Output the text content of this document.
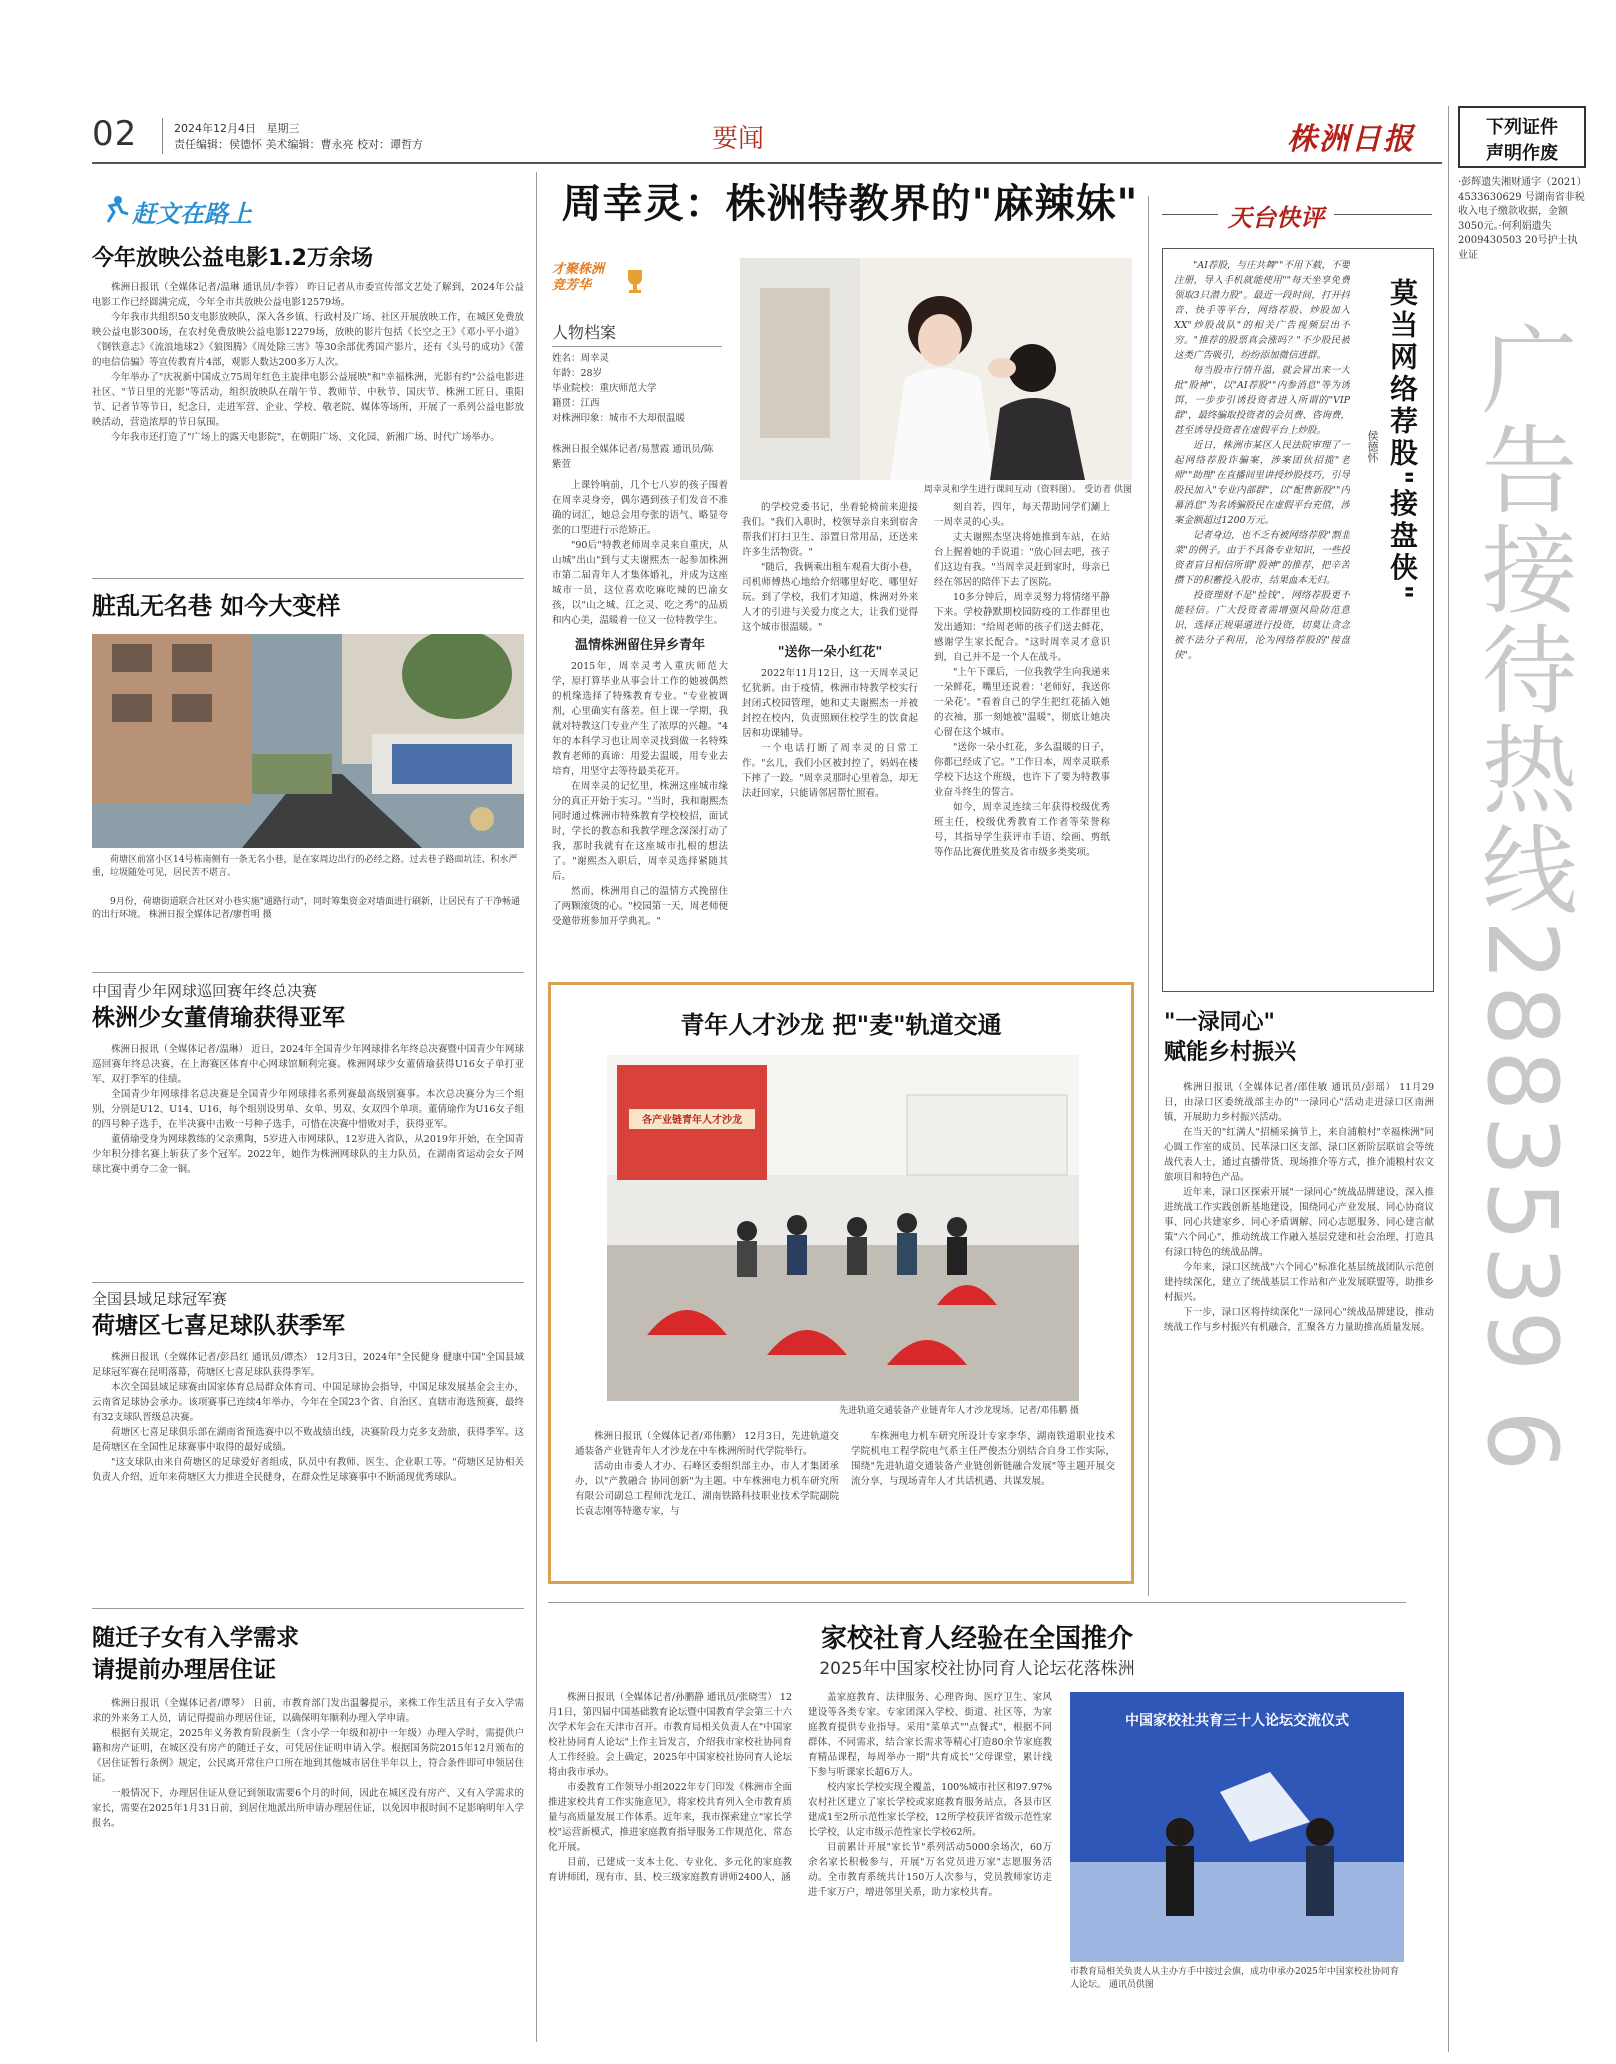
02	2024年12月4日 星期三
责任编辑：侯德怀 美术编辑：曹永亮 校对：谭哲方	要闻	株洲日报	下列证件
声明作废
·彭辉遗失湘财通字（2021）4533630629 号湖南省非税收入电子缴款收据，金额3050元。·何利娟遗失2009430503 20号护士执业证
广告接待热线2883539 6
赶文在路上
今年放映公益电影1.2万余场

株洲日报讯（全媒体记者/温琳 通讯员/李蓉） 昨日记者从市委宣传部文艺处了解到，2024年公益电影工作已经圆满完成，今年全市共放映公益电影12579场。

今年我市共组织50支电影放映队，深入各乡镇、行政村及广场、社区开展放映工作，在城区免费放映公益电影300场，在农村免费放映公益电影12279场，放映的影片包括《长空之王》《邓小平小道》《钢铁意志》《流浪地球2》《狼图腾》《周处除三害》等30余部优秀国产影片，还有《头号的成功》《蕾的电信信骗》等宣传教育片4部，观影人数达200多万人次。

今年举办了"庆祝新中国成立75周年红色主旋律电影公益展映"和"幸福株洲，光影有约"公益电影进社区、"节日里的光影"等活动，组织放映队在端午节、教师节、中秋节、国庆节、株洲工匠日、重阳节、记者节等节日，纪念日，走进军营、企业、学校、敬老院、媒体等场所，开展了一系列公益电影放映活动，营造浓厚的节日氛围。

今年我市还打造了"广场上的露天电影院"，在朝阳广场、文化园、新湘广场、时代广场举办。

脏乱无名巷 如今大变样

荷塘区前富小区14号栋南侧有一条无名小巷，是在家周边出行的必经之路。过去巷子路面坑洼、积水严重，垃圾随处可见，居民苦不堪言。

9月份，荷塘街道联合社区对小巷实施"通路行动"，同时筹集资金对墙面进行刷新，让居民有了干净畅通的出行环境。 株洲日报全媒体记者/廖哲明 摄

中国青少年网球巡回赛年终总决赛
株洲少女董倩瑜获得亚军

株洲日报讯（全媒体记者/温琳） 近日，2024年全国青少年网球排名年终总决赛暨中国青少年网球巡回赛年终总决赛，在上海赛区体育中心网球馆顺利完赛。株洲网球少女董倩瑜获得U16女子单打亚军、双打季军的佳绩。

全国青少年网球排名总决赛是全国青少年网球排名系列赛最高级别赛事。本次总决赛分为三个组别，分别是U12、U14、U16，每个组别设男单、女单、男双、女双四个单项。董倩瑜作为U16女子组的四号种子选手，在半决赛中击败一号种子选手，可惜在决赛中惜败对手，获得亚军。

董倩瑜受身为网球教练的父亲熏陶，5岁进入市网球队，12岁进入省队，从2019年开始，在全国青少年积分排名赛上斩获了多个冠军。2022年，她作为株洲网球队的主力队员，在湖南省运动会女子网球比赛中勇夺二金一铜。

全国县域足球冠军赛
荷塘区七喜足球队获季军

株洲日报讯（全媒体记者/彭昌红 通讯员/谭杰） 12月3日，2024年"全民健身 健康中国"全国县域足球冠军赛在昆明落幕，荷塘区七喜足球队获得季军。

本次全国县域足球赛由国家体育总局群众体育司、中国足球协会指导，中国足球发展基金会主办，云南省足球协会承办。该项赛事已连续4年举办，今年在全国23个省、自治区、直辖市海选预赛，最终有32支球队晋级总决赛。

荷塘区七喜足球俱乐部在湖南省预选赛中以不败战绩出线，决赛阶段力克多支劲旅，获得季军。这是荷塘区在全国性足球赛事中取得的最好成绩。

"这支球队由来自荷塘区的足球爱好者组成，队员中有教师、医生、企业职工等。"荷塘区足协相关负责人介绍，近年来荷塘区大力推进全民健身，在群众性足球赛事中不断涌现优秀球队。

随迁子女有入学需求
请提前办理居住证

株洲日报讯（全媒体记者/谭琴） 日前，市教育部门发出温馨提示，来株工作生活且有子女入学需求的外来务工人员，请记得提前办理居住证，以确保明年顺利办理入学申请。

根据有关规定，2025年义务教育阶段新生（含小学一年级和初中一年级）办理入学时，需提供户籍和房产证明，在城区没有房产的随迁子女，可凭居住证明申请入学。根据国务院2015年12月颁布的《居住证暂行条例》规定，公民离开常住户口所在地到其他城市居住半年以上，符合条件即可申领居住证。

一般情况下，办理居住证从登记到领取需要6个月的时间，因此在城区没有房产、又有入学需求的家长，需要在2025年1月31日前，到居住地派出所申请办理居住证，以免因申报时间不足影响明年入学报名。

周幸灵：株洲特教界的"麻辣妹"
才聚株洲
竞芳华
人物档案
姓名：周幸灵
年龄：28岁
毕业院校：重庆师范大学
籍贯：江西
对株洲印象：城市不大却很温暖
周幸灵和学生进行课间互动（资料图）。 受访者 供图
株洲日报全媒体记者/易慧霞 通讯员/陈紫萱

上课铃响前，几个七八岁的孩子围着在周幸灵身旁，偶尔遇到孩子们发音不准确的词汇，她总会用夸张的语气、略显夸张的口型进行示范矫正。

"90后"特教老师周幸灵来自重庆，从山城"出山"到与丈夫谢熙杰一起参加株洲市第二届青年人才集体婚礼，并成为这座城市一员，这位喜欢吃麻吃辣的巴渝女孩，以"山之城、江之灵、吃之秀"的品质和内心美，温暖着一位又一位特教学生。

温情株洲留住异乡青年

2015年，周幸灵考入重庆师范大学，原打算毕业从事会计工作的她被偶然的机缘选择了特殊教育专业。"专业被调剂，心里确实有落差。但上课一学期，我就对特教这门专业产生了浓厚的兴趣。"4年的本科学习也让周幸灵找到做一名特殊教育老师的真谛：用爱去温暖，用专业去培育，用坚守去等待最美花开。

在周幸灵的记忆里，株洲这座城市缘分的真正开始于实习。"当时，我和谢熙杰同时通过株洲市特殊教育学校校招，面试时，学长的教态和我教学理念深深打动了我，那时我就有在这座城市扎根的想法了。"谢熙杰入职后，周幸灵选择紧随其后。

然而，株洲用自己的温情方式挽留住了两颗滚烫的心。"校园第一天，周老师便受邀带班参加开学典礼。"

的学校党委书记，坐着轮椅前来迎接我们。"我们入职时，校领导亲自来到宿舍帮我们打扫卫生、添置日常用品，还送来许多生活物资。"

"随后，我俩乘出租车观看大街小巷，司机师傅热心地给介绍哪里好吃、哪里好玩。到了学校，我们才知道，株洲对外来人才的引进与关爱力度之大，让我们觉得这个城市很温暖。"

"送你一朵小红花"

2022年11月12日，这一天周幸灵记忆犹新。由于疫情，株洲市特教学校实行封闭式校园管理，她和丈夫谢熙杰一并被封控在校内，负责照顾住校学生的饮食起居和功课辅导。

一个电话打断了周幸灵的日常工作。"幺儿，我们小区被封控了，妈妈在楼下摔了一跤。"周幸灵那时心里着急，却无法赶回家，只能请邻居帮忙照看。

刻自若，四年，每天帮助同学们涮上一周幸灵的心头。

丈夫谢熙杰坚决将她推到车站，在站台上握着她的手说道："放心回去吧，孩子们这边有我。"当周幸灵赶到家时，母亲已经在邻居的陪伴下去了医院。

10多分钟后，周幸灵努力将情绪平静下来。学校静默期校园防疫的工作群里也发出通知："给周老师的孩子们送去鲜花，感谢学生家长配合。"这时周幸灵才意识到，自己并不是一个人在战斗。

"上午下课后，一位我教学生向我递来一朵鲜花，嘴里还说着：'老师好，我送你一朵花'。"看着自己的学生把红花插入她的衣袖，那一刻她被"温暖"，彻底让她决心留在这个城市。

"送你一朵小红花，多么温暖的日子，你都已经成了它。"工作日本，周幸灵联系学校下达这个班级，也许下了要为特教事业奋斗终生的誓言。

如今，周幸灵连续三年获得校级优秀班主任，校级优秀教育工作者等荣誉称号，其指导学生获评市手语、绘画、剪纸等作品比赛优胜奖及省市级多类奖项。

青年人才沙龙 把"麦"轨道交通
各产业链青年人才沙龙
先进轨道交通装备产业链青年人才沙龙现场。记者/邓伟鹏 摄

株洲日报讯（全媒体记者/邓伟鹏） 12月3日，先进轨道交通装备产业链青年人才沙龙在中车株洲所时代学院举行。

活动由市委人才办、石峰区委组织部主办，市人才集团承办，以"产教融合 协同创新"为主题。中车株洲电力机车研究所有限公司副总工程师沈龙江、湖南铁路科技职业技术学院副院长袁志刚等特邀专家，与

车株洲电力机车研究所设计专家李华、湖南铁道职业技术学院机电工程学院电气系主任严俊杰分别结合自身工作实际，围绕"先进轨道交通装备产业链创新链融合发展"等主题开展交流分享，与现场青年人才共话机遇、共谋发展。

家校社育人经验在全国推介
2025年中国家校社协同育人论坛花落株洲

株洲日报讯（全媒体记者/孙鹏静 通讯员/张晓雪） 12月1日，第四届中国基础教育论坛暨中国教育学会第三十六次学术年会在天津市召开。市教育局相关负责人在"中国家校社协同育人论坛"上作主旨发言，介绍我市家校社协同育人工作经验。会上确定，2025年中国家校社协同育人论坛将由我市承办。

市委教育工作领导小组2022年专门印发《株洲市全面推进家校共育工作实施意见》，将家校共育列入全市教育质量与高质量发展工作体系。近年来，我市探索建立"家长学校"运营新模式，推进家庭教育指导服务工作规范化、常态化开展。

目前，已建成一支本土化、专业化、多元化的家庭教育讲师团，现有市、县、校三级家庭教育讲师2400人，涵

盖家庭教育、法律服务、心理咨询、医疗卫生、家风建设等各类专家。专家团深入学校、街道、社区等，为家庭教育提供专业指导。采用"菜单式""点餐式"，根据不同群体、不同需求，结合家长需求等精心打造80余节家庭教育精品课程，每周举办一期"共育成长"父母课堂，累计线下参与听课家长超6万人。

校内家长学校实现全覆盖，100%城市社区和97.97%农村社区建立了家长学校或家庭教育服务站点，各县市区建成1至2所示范性家长学校，12所学校获评省级示范性家长学校，认定市级示范性家长学校62所。

目前累计开展"家长节"系列活动5000余场次，60万余名家长积极参与，开展"万名党员进万家"志愿服务活动。全市教育系统共计150万人次参与，党员教师家访走进千家万户，增进邻里关系，助力家校共育。

中国家校社共育三十人论坛交流仪式
市教育局相关负责人从主办方手中接过会旗，成功申承办2025年中国家校社协同育人论坛。 通讯员供图
天台快评
莫当网络荐股"接盘侠"
侯德怀

"AI荐股，与庄共舞""不用下载，不要注册，导入手机就能使用""每天坐享免费领取3只潜力股"。最近一段时间，打开抖音、快手等平台，网络荐股、炒股加入XX"炒股战队"的相关广告视频层出不穷。"推荐的股票真会涨吗？"不少股民被这类广告吸引，纷纷添加微信进群。

每当股市行情升温，就会冒出来一大批"股神"，以"AI荐股""内参消息"等为诱饵，一步步引诱投资者进入所谓的"VIP群"，最终骗取投资者的会员费、咨询费，甚至诱导投资者在虚假平台上炒股。

近日，株洲市某区人民法院审理了一起网络荐股诈骗案，涉案团伙招揽"老师""助理"在直播间里讲授炒股技巧，引导股民加入"专业内部群"，以"配售新股""内幕消息"为名诱骗股民在虚假平台充值，涉案金额超过1200万元。

记者身边，也不乏有被网络荐股"割韭菜"的例子。由于不具备专业知识，一些投资者盲目相信所谓"股神"的推荐，把辛苦攒下的积蓄投入股市，结果血本无归。

投资理财不是"捡钱"，网络荐股更不能轻信。广大投资者需增强风险防范意识，选择正规渠道进行投资，切莫让贪念被不法分子利用，沦为网络荐股的"接盘侠"。

"一渌同心"
赋能乡村振兴

株洲日报讯（全媒体记者/邵佳敏 通讯员/彭瑶） 11月29日，由渌口区委统战部主办的"一渌同心"活动走进渌口区南洲镇，开展助力乡村振兴活动。

在当天的"红满人"招桶采摘节上，来自浦粮村"幸福株洲"同心圆工作室的成员、民革渌口区支部、渌口区新阶层联谊会等统战代表人士，通过直播带货、现场推介等方式，推介浦粮村农文旅项目和特色产品。

近年来，渌口区探索开展"一渌同心"统战品牌建设，深入推进统战工作实践创新基地建设，围绕同心产业发展、同心协商议事、同心共建家乡、同心矛盾调解、同心志愿服务、同心建言献策"六个同心"，推动统战工作融入基层党建和社会治理，打造具有渌口特色的统战品牌。

今年来，渌口区统战"六个同心"标准化基层统战团队示范创建持续深化，建立了统战基层工作站和产业发展联盟等，助推乡村振兴。

下一步，渌口区将持续深化"一渌同心"统战品牌建设，推动统战工作与乡村振兴有机融合，汇聚各方力量助推高质量发展。
